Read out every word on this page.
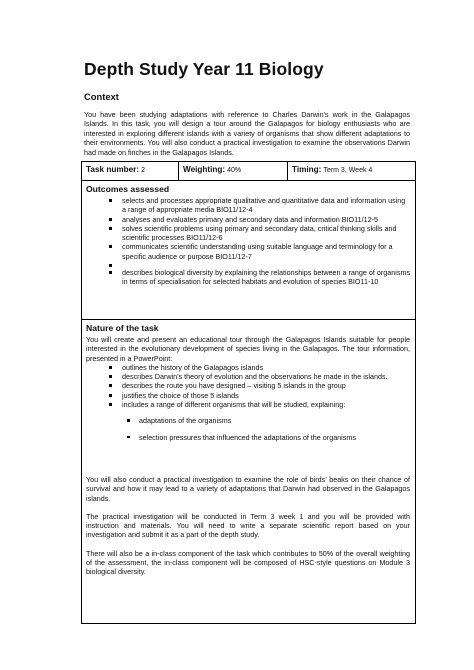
Depth Study Year 11 Biology
Context
You have been studying adaptations with reference to Charles Darwin’s work in the Galapagos Islands. In this task, you will design a tour around the Galapagos for biology enthusiasts who are interested in exploring different islands with a variety of organisms that show different adaptations to their environments. You will also conduct a practical investigation to examine the observations Darwin had made on finches in the Galapagos Islands.
Task number: 2	Weighting: 40%	Timing: Term 3, Week 4

Outcomes assessed
selects and processes appropriate qualitative and quantitative data and information using a range of appropriate media BIO11/12-4
analyses and evaluates primary and secondary data and information BIO11/12-5
solves scientific problems using primary and secondary data, critical thinking skills and scientific processes BIO11/12-6
communicates scientific understanding using suitable language and terminology for a specific audience or purpose BIO11/12-7
describes biological diversity by explaining the relationships between a range of organisms in terms of specialisation for selected habitats and evolution of species BIO11-10

Nature of the task
You will create and present an educational tour through the Galapagos Islands suitable for people interested in the evolutionary development of species living in the Galapagos. The tour information, presented in a PowerPoint:
outlines the history of the Galapagos islands
describes Darwin’s theory of evolution and the observations he made in the islands.
describes the route you have designed – visiting 5 islands in the group
justifies the choice of those 5 islands
includes a range of different organisms that will be studied, explaining:
adaptations of the organisms
selection pressures that influenced the adaptations of the organisms
You will also conduct a practical investigation to examine the role of birds’ beaks on their chance of survival and how it may lead to a variety of adaptations that Darwin had observed in the Galapagos islands.
The practical investigation will be conducted in Term 3 week 1 and you will be provided with instruction and materials. You will need to write a separate scientific report based on your investigation and submit it as a part of the depth study.
There will also be a in-class component of the task which contributes to 50% of the overall weighting of the assessment, the in-class component will be composed of HSC-style questions on Module 3 biological diversity.
